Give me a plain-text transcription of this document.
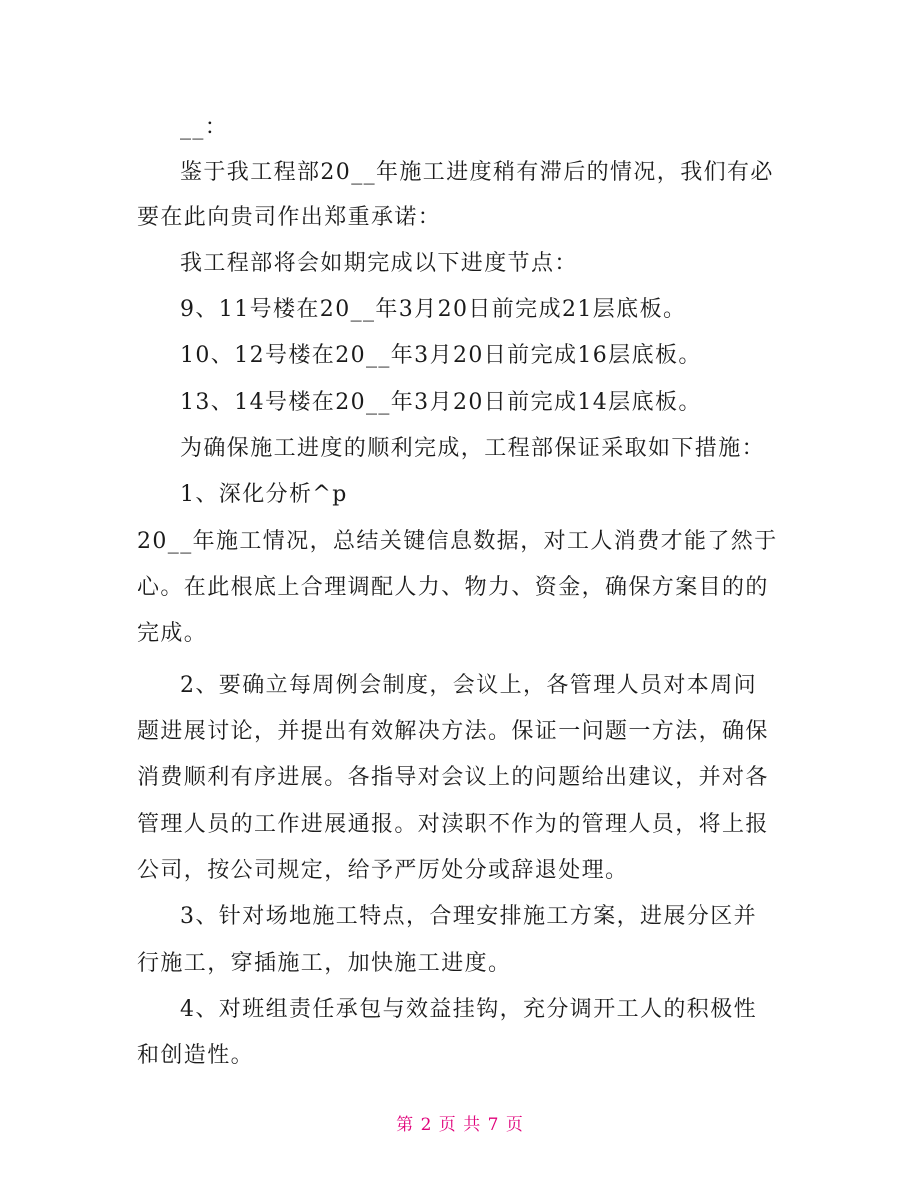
__：
鉴于我工程部20__年施工进度稍有滞后的情况，我们有必
要在此向贵司作出郑重承诺：
我工程部将会如期完成以下进度节点：
9、11号楼在20__年3月20日前完成21层底板。
10、12号楼在20__年3月20日前完成16层底板。
13、14号楼在20__年3月20日前完成14层底板。
为确保施工进度的顺利完成，工程部保证采取如下措施：
1、深化分析^p
20__年施工情况，总结关键信息数据，对工人消费才能了然于
心。在此根底上合理调配人力、物力、资金，确保方案目的的
完成。
2、要确立每周例会制度，会议上，各管理人员对本周问
题进展讨论，并提出有效解决方法。保证一问题一方法，确保
消费顺利有序进展。各指导对会议上的问题给出建议，并对各
管理人员的工作进展通报。对渎职不作为的管理人员，将上报
公司，按公司规定，给予严厉处分或辞退处理。
3、针对场地施工特点，合理安排施工方案，进展分区并
行施工，穿插施工，加快施工进度。
4、对班组责任承包与效益挂钩，充分调开工人的积极性
和创造性。
第 2 页 共 7 页
